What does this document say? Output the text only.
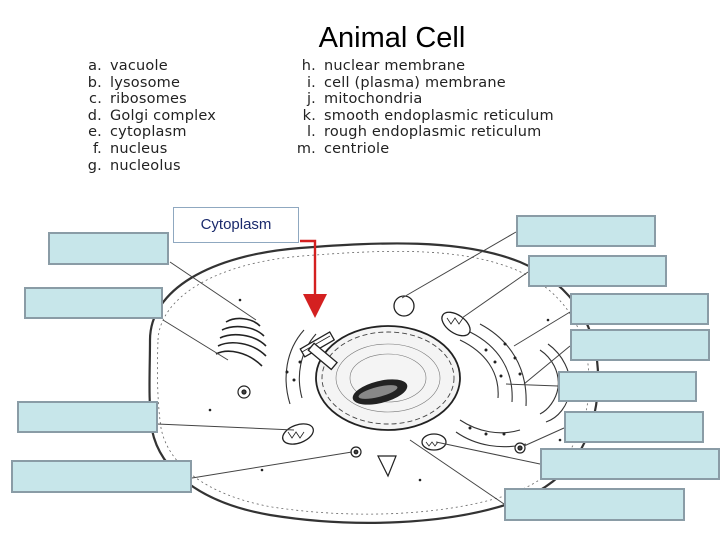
Animal Cell
a. vacuole
b. lysosome
c. ribosomes
d. Golgi complex
e. cytoplasm
f. nucleus
g. nucleolus
h. nuclear membrane
i. cell (plasma) membrane
j. mitochondria
k. smooth endoplasmic reticulum
l. rough endoplasmic reticulum
m. centriole
Cytoplasm
